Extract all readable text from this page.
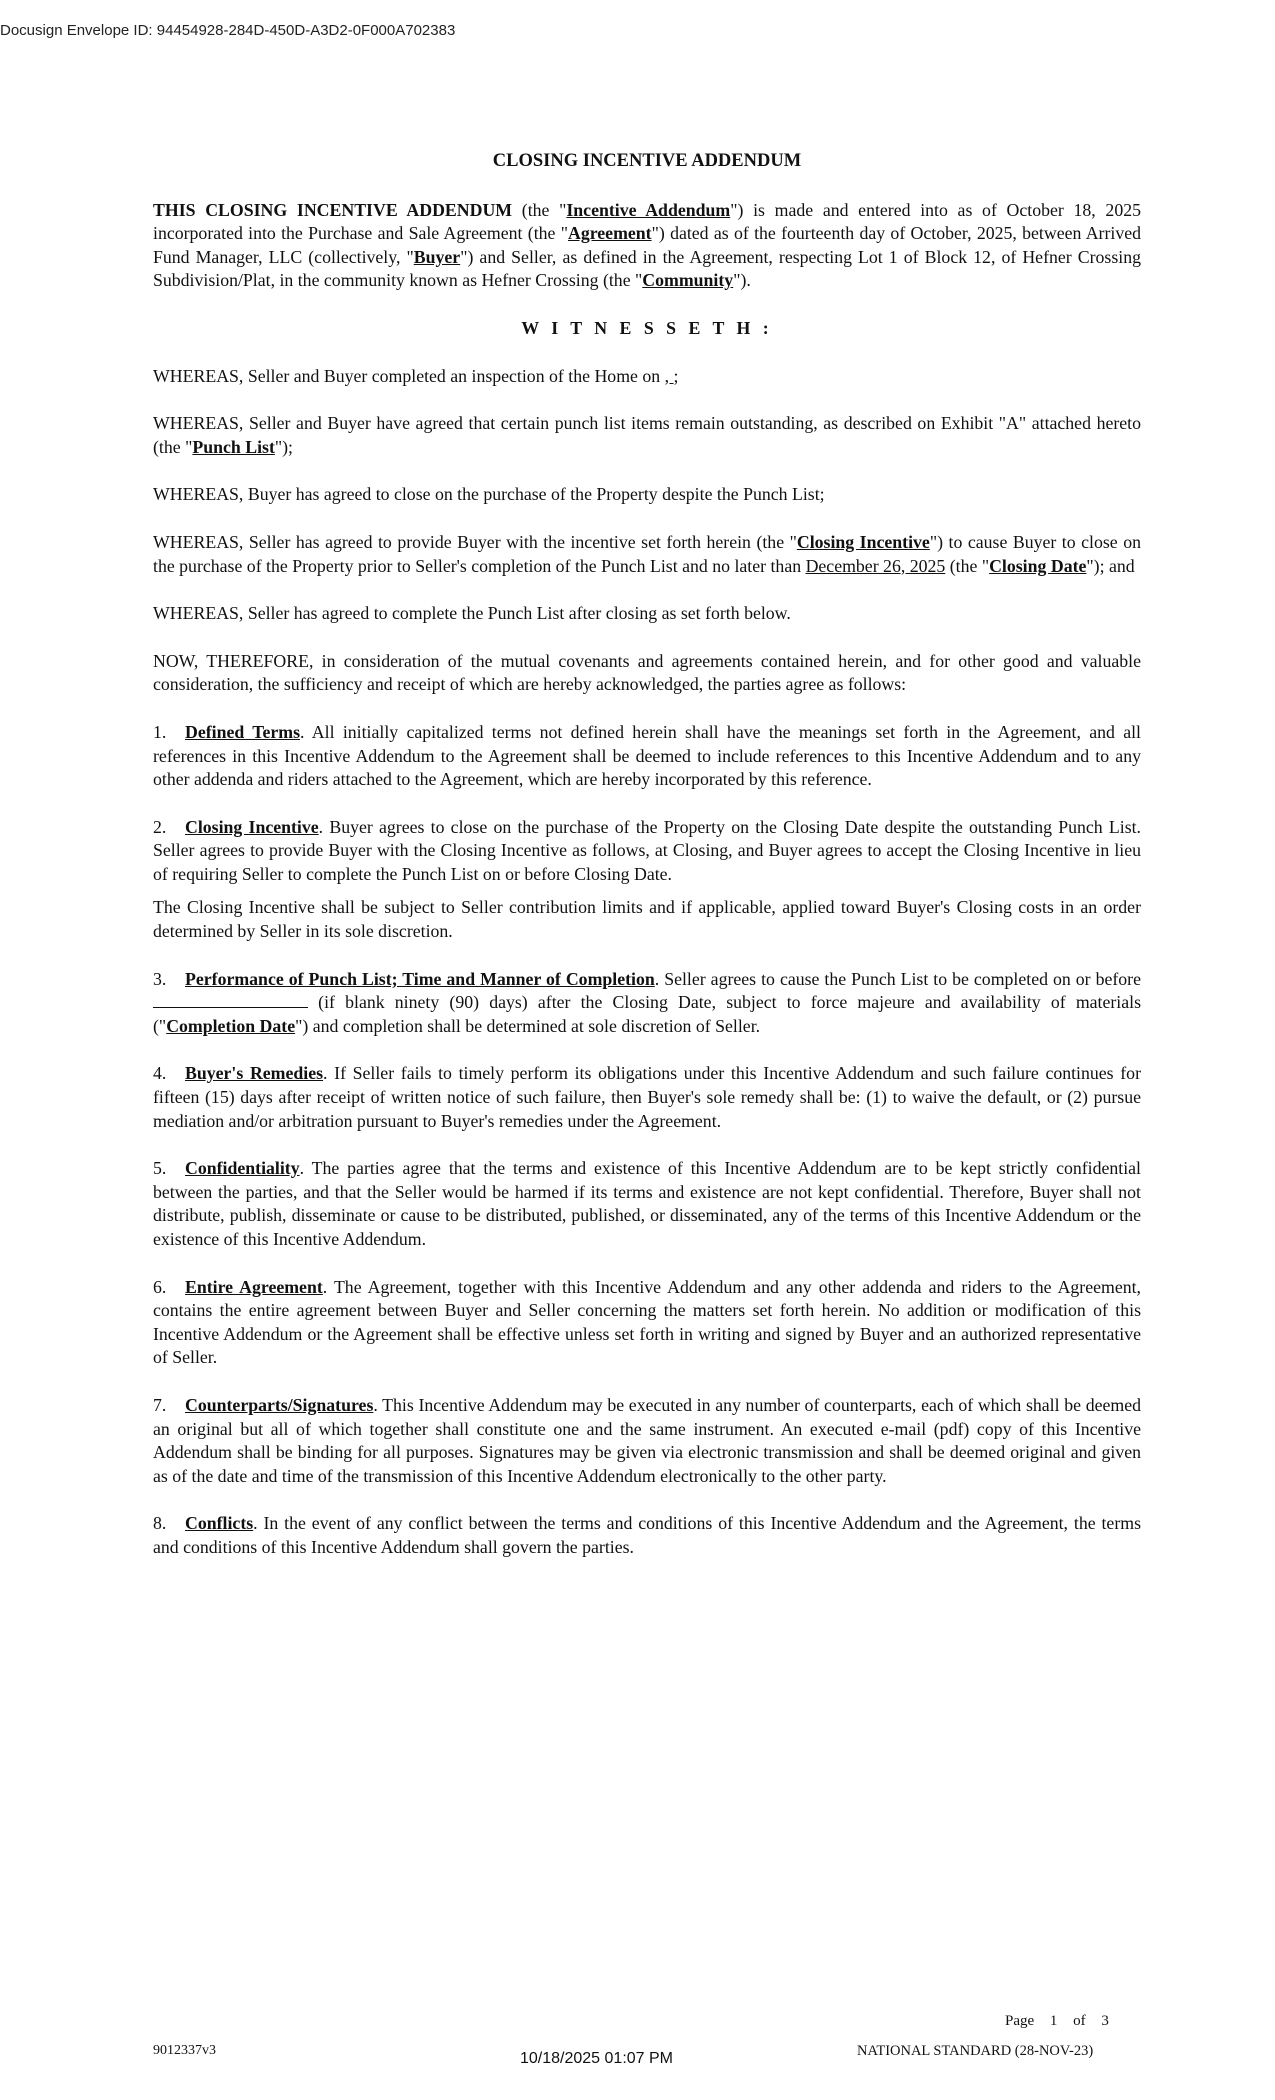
Docusign Envelope ID: 94454928-284D-450D-A3D2-0F000A702383
CLOSING INCENTIVE ADDENDUM

THIS CLOSING INCENTIVE ADDENDUM (the "Incentive Addendum") is made and entered into as of October 18, 2025 incorporated into the Purchase and Sale Agreement (the "Agreement") dated as of the fourteenth day of October, 2025, between Arrived Fund Manager, LLC (collectively, "Buyer") and Seller, as defined in the Agreement, respecting Lot 1 of Block 12, of Hefner Crossing Subdivision/Plat, in the community known as Hefner Crossing (the "Community").

W I T N E S S E T H :

WHEREAS, Seller and Buyer completed an inspection of the Home on , ;

WHEREAS, Seller and Buyer have agreed that certain punch list items remain outstanding, as described on Exhibit "A" attached hereto (the "Punch List");

WHEREAS, Buyer has agreed to close on the purchase of the Property despite the Punch List;

WHEREAS, Seller has agreed to provide Buyer with the incentive set forth herein (the "Closing Incentive") to cause Buyer to close on the purchase of the Property prior to Seller's completion of the Punch List and no later than December 26, 2025 (the "Closing Date"); and

WHEREAS, Seller has agreed to complete the Punch List after closing as set forth below.

NOW, THEREFORE, in consideration of the mutual covenants and agreements contained herein, and for other good and valuable consideration, the sufficiency and receipt of which are hereby acknowledged, the parties agree as follows:

1. Defined Terms. All initially capitalized terms not defined herein shall have the meanings set forth in the Agreement, and all references in this Incentive Addendum to the Agreement shall be deemed to include references to this Incentive Addendum and to any other addenda and riders attached to the Agreement, which are hereby incorporated by this reference.

2. Closing Incentive. Buyer agrees to close on the purchase of the Property on the Closing Date despite the outstanding Punch List. Seller agrees to provide Buyer with the Closing Incentive as follows, at Closing, and Buyer agrees to accept the Closing Incentive in lieu of requiring Seller to complete the Punch List on or before Closing Date.

The Closing Incentive shall be subject to Seller contribution limits and if applicable, applied toward Buyer's Closing costs in an order determined by Seller in its sole discretion.

3. Performance of Punch List; Time and Manner of Completion. Seller agrees to cause the Punch List to be completed on or before  (if blank ninety (90) days) after the Closing Date, subject to force majeure and availability of materials ("Completion Date") and completion shall be determined at sole discretion of Seller.

4. Buyer's Remedies. If Seller fails to timely perform its obligations under this Incentive Addendum and such failure continues for fifteen (15) days after receipt of written notice of such failure, then Buyer's sole remedy shall be: (1) to waive the default, or (2) pursue mediation and/or arbitration pursuant to Buyer's remedies under the Agreement.

5. Confidentiality. The parties agree that the terms and existence of this Incentive Addendum are to be kept strictly confidential between the parties, and that the Seller would be harmed if its terms and existence are not kept confidential. Therefore, Buyer shall not distribute, publish, disseminate or cause to be distributed, published, or disseminated, any of the terms of this Incentive Addendum or the existence of this Incentive Addendum.

6. Entire Agreement. The Agreement, together with this Incentive Addendum and any other addenda and riders to the Agreement, contains the entire agreement between Buyer and Seller concerning the matters set forth herein. No addition or modification of this Incentive Addendum or the Agreement shall be effective unless set forth in writing and signed by Buyer and an authorized representative of Seller.

7. Counterparts/Signatures. This Incentive Addendum may be executed in any number of counterparts, each of which shall be deemed an original but all of which together shall constitute one and the same instrument. An executed e-mail (pdf) copy of this Incentive Addendum shall be binding for all purposes. Signatures may be given via electronic transmission and shall be deemed original and given as of the date and time of the transmission of this Incentive Addendum electronically to the other party.

8. Conflicts. In the event of any conflict between the terms and conditions of this Incentive Addendum and the Agreement, the terms and conditions of this Incentive Addendum shall govern the parties.

Page 1 of 3
9012337v3	10/18/2025 01:07 PM	NATIONAL STANDARD (28-NOV-23)
